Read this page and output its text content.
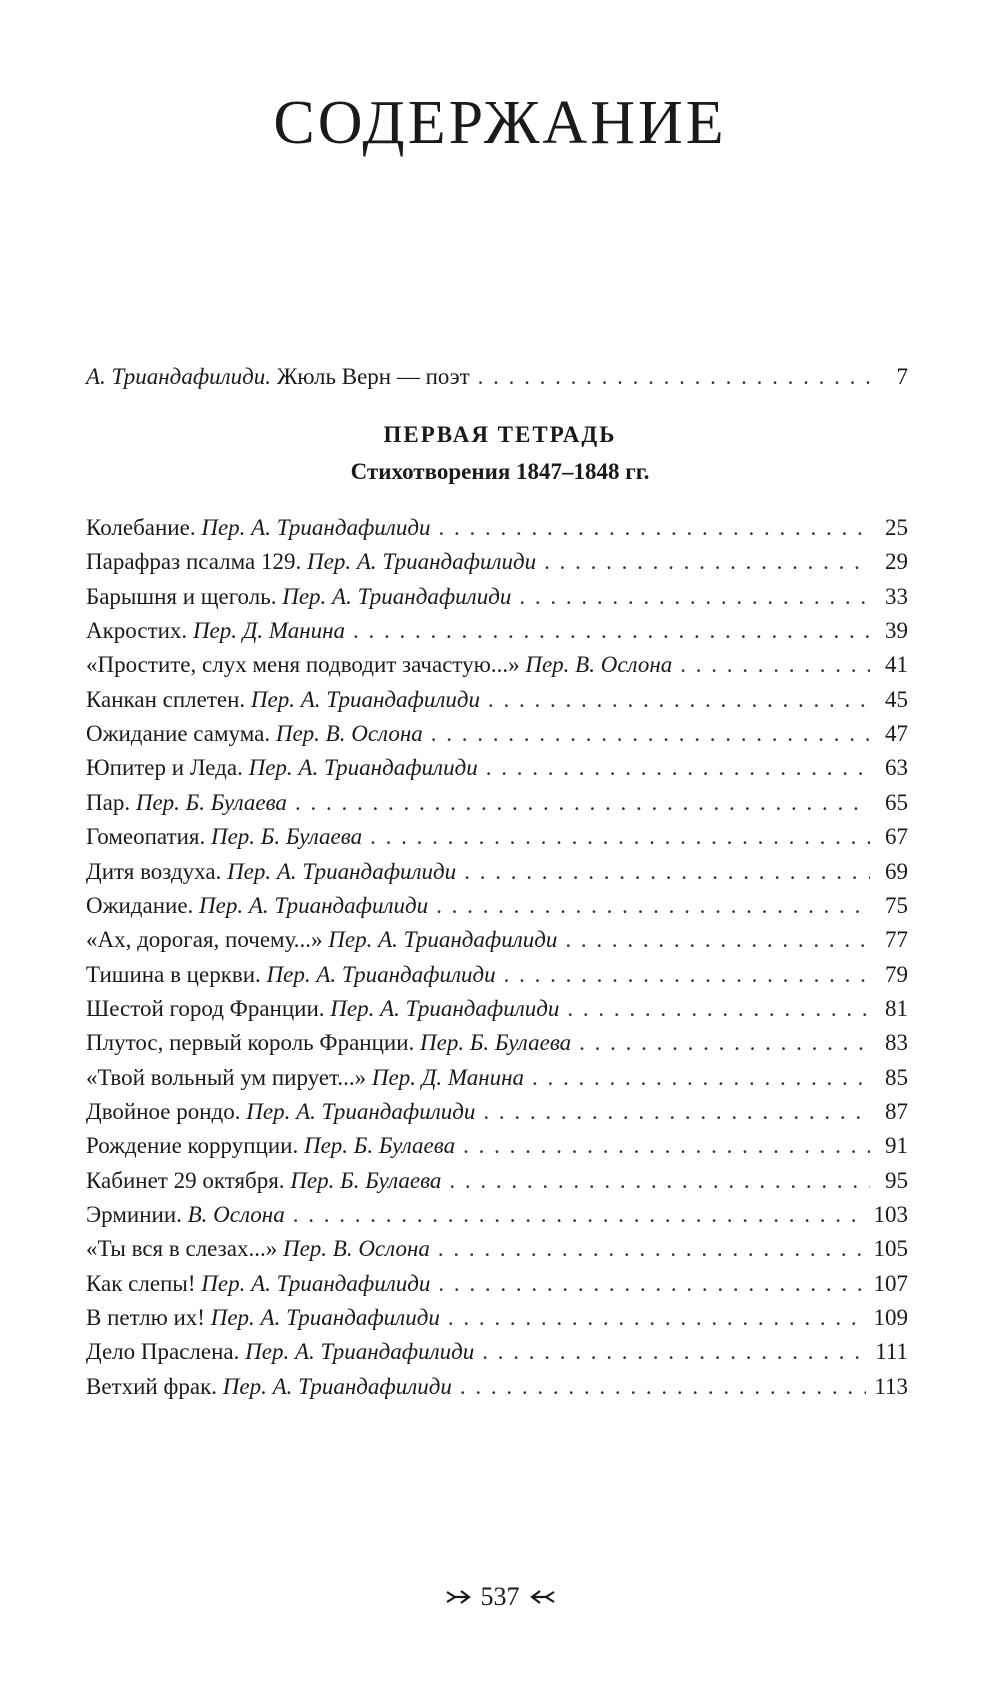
СОДЕРЖАНИЕ
А. Триандафилиди. Жюль Верн — поэт . . .	7
ПЕРВАЯ ТЕТРАДЬ
Стихотворения 1847–1848 гг.
Колебание. Пер. А. Триандафилиди . . .	25
Парафраз псалма 129. Пер. А. Триандафилиди . . .	29
Барышня и щеголь. Пер. А. Триандафилиди . . .	33
Акростих. Пер. Д. Манина . . .	39
«Простите, слух меня подводит зачастую...» Пер. В. Ослона . . .	41
Канкан сплетен. Пер. А. Триандафилиди . . .	45
Ожидание самума. Пер. В. Ослона . . .	47
Юпитер и Леда. Пер. А. Триандафилиди . . .	63
Пар. Пер. Б. Булаева . . .	65
Гомеопатия. Пер. Б. Булаева . . .	67
Дитя воздуха. Пер. А. Триандафилиди . . .	69
Ожидание. Пер. А. Триандафилиди . . .	75
«Ах, дорогая, почему...» Пер. А. Триандафилиди . . .	77
Тишина в церкви. Пер. А. Триандафилиди . . .	79
Шестой город Франции. Пер. А. Триандафилиди . . .	81
Плутос, первый король Франции. Пер. Б. Булаева . . .	83
«Твой вольный ум пирует...» Пер. Д. Манина . . .	85
Двойное рондо. Пер. А. Триандафилиди . . .	87
Рождение коррупции. Пер. Б. Булаева . . .	91
Кабинет 29 октября. Пер. Б. Булаева . . .	95
Эрминии. В. Ослона . . .	103
«Ты вся в слезах...» Пер. В. Ослона . . .	105
Как слепы! Пер. А. Триандафилиди . . .	107
В петлю их! Пер. А. Триандафилиди . . .	109
Дело Праслена. Пер. А. Триандафилиди . . .	111
Ветхий фрак. Пер. А. Триандафилиди . . .	113
537
